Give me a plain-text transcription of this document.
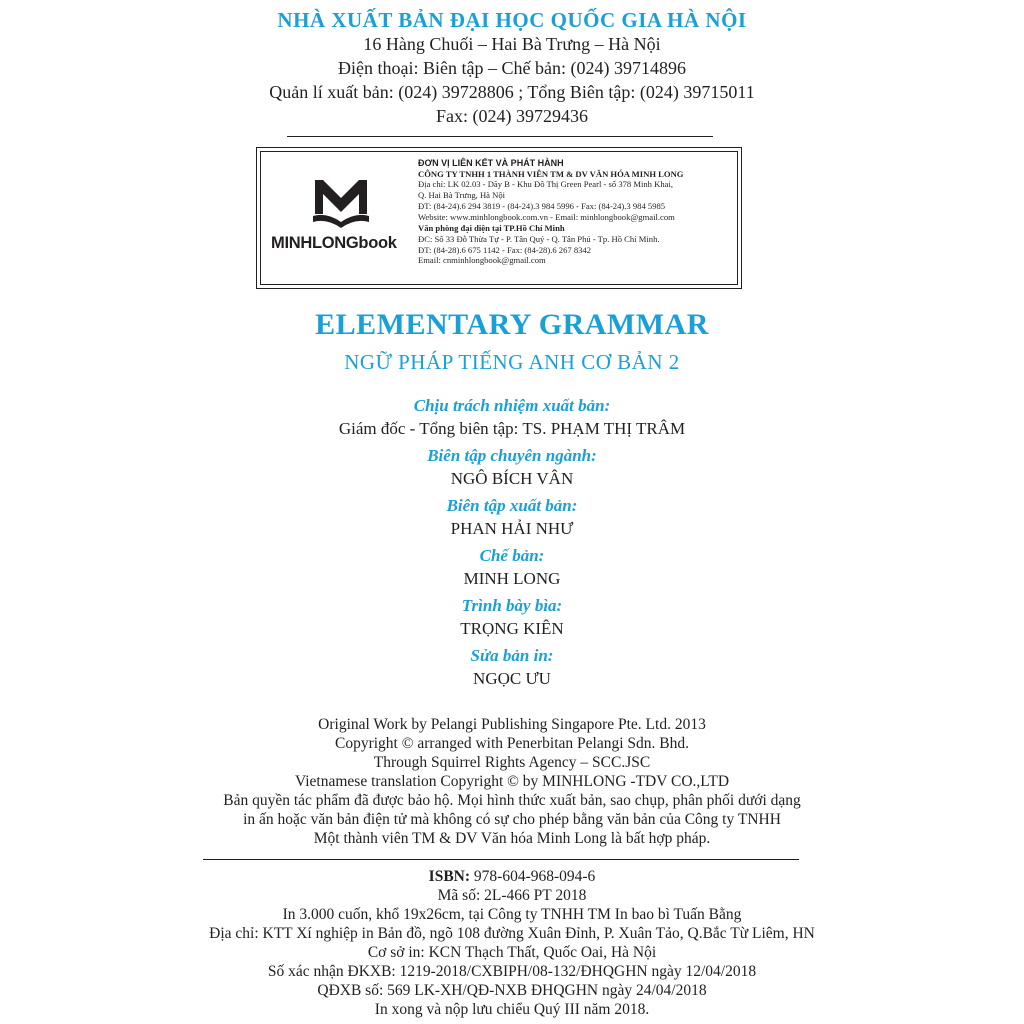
NHÀ XUẤT BẢN ĐẠI HỌC QUỐC GIA HÀ NỘI
16 Hàng Chuối – Hai Bà Trưng – Hà Nội
Điện thoại: Biên tập – Chế bản: (024) 39714896
Quản lí xuất bản: (024) 39728806 ; Tổng Biên tập: (024) 39715011
Fax: (024) 39729436
MINHLONGbook
ĐƠN VỊ LIÊN KẾT VÀ PHÁT HÀNH
CÔNG TY TNHH 1 THÀNH VIÊN TM & DV VĂN HÓA MINH LONG
Địa chỉ: LK 02.03 - Dãy B - Khu Đô Thị Green Pearl - số 378 Minh Khai,
Q. Hai Bà Trưng, Hà Nội
ĐT: (84-24).6 294 3819 - (84-24).3 984 5996 - Fax: (84-24).3 984 5985
Website: www.minhlongbook.com.vn - Email: minhlongbook@gmail.com
Văn phòng đại diện tại TP.Hồ Chí Minh
ĐC: Số 33 Đỗ Thừa Tự - P. Tân Quý - Q. Tân Phú - Tp. Hồ Chí Minh.
ĐT: (84-28).6 675 1142 - Fax: (84-28).6 267 8342
Email: cnminhlongbook@gmail.com
ELEMENTARY GRAMMAR
NGỮ PHÁP TIẾNG ANH CƠ BẢN 2
Chịu trách nhiệm xuất bản:
Giám đốc - Tổng biên tập: TS. PHẠM THỊ TRÂM
Biên tập chuyên ngành:
NGÔ BÍCH VÂN
Biên tập xuất bản:
PHAN HẢI NHƯ
Chế bản:
MINH LONG
Trình bày bìa:
TRỌNG KIÊN
Sửa bản in:
NGỌC ƯU
Original Work by Pelangi Publishing Singapore Pte. Ltd. 2013
Copyright © arranged with Penerbitan Pelangi Sdn. Bhd.
Through Squirrel Rights Agency – SCC.JSC
Vietnamese translation Copyright © by MINHLONG -TDV CO.,LTD
Bản quyền tác phẩm đã được bảo hộ. Mọi hình thức xuất bản, sao chụp, phân phối dưới dạng
in ấn hoặc văn bản điện tử mà không có sự cho phép bằng văn bản của Công ty TNHH
Một thành viên TM & DV Văn hóa Minh Long là bất hợp pháp.
ISBN: 978-604-968-094-6
Mã số: 2L-466 PT 2018
In 3.000 cuốn, khổ 19x26cm, tại Công ty TNHH TM In bao bì Tuấn Bằng
Địa chỉ: KTT Xí nghiệp in Bản đồ, ngõ 108 đường Xuân Đỉnh, P. Xuân Tảo, Q.Bắc Từ Liêm, HN
Cơ sở in: KCN Thạch Thất, Quốc Oai, Hà Nội
Số xác nhận ĐKXB: 1219-2018/CXBIPH/08-132/ĐHQGHN ngày 12/04/2018
QĐXB số: 569 LK-XH/QĐ-NXB ĐHQGHN ngày 24/04/2018
In xong và nộp lưu chiểu Quý III năm 2018.
